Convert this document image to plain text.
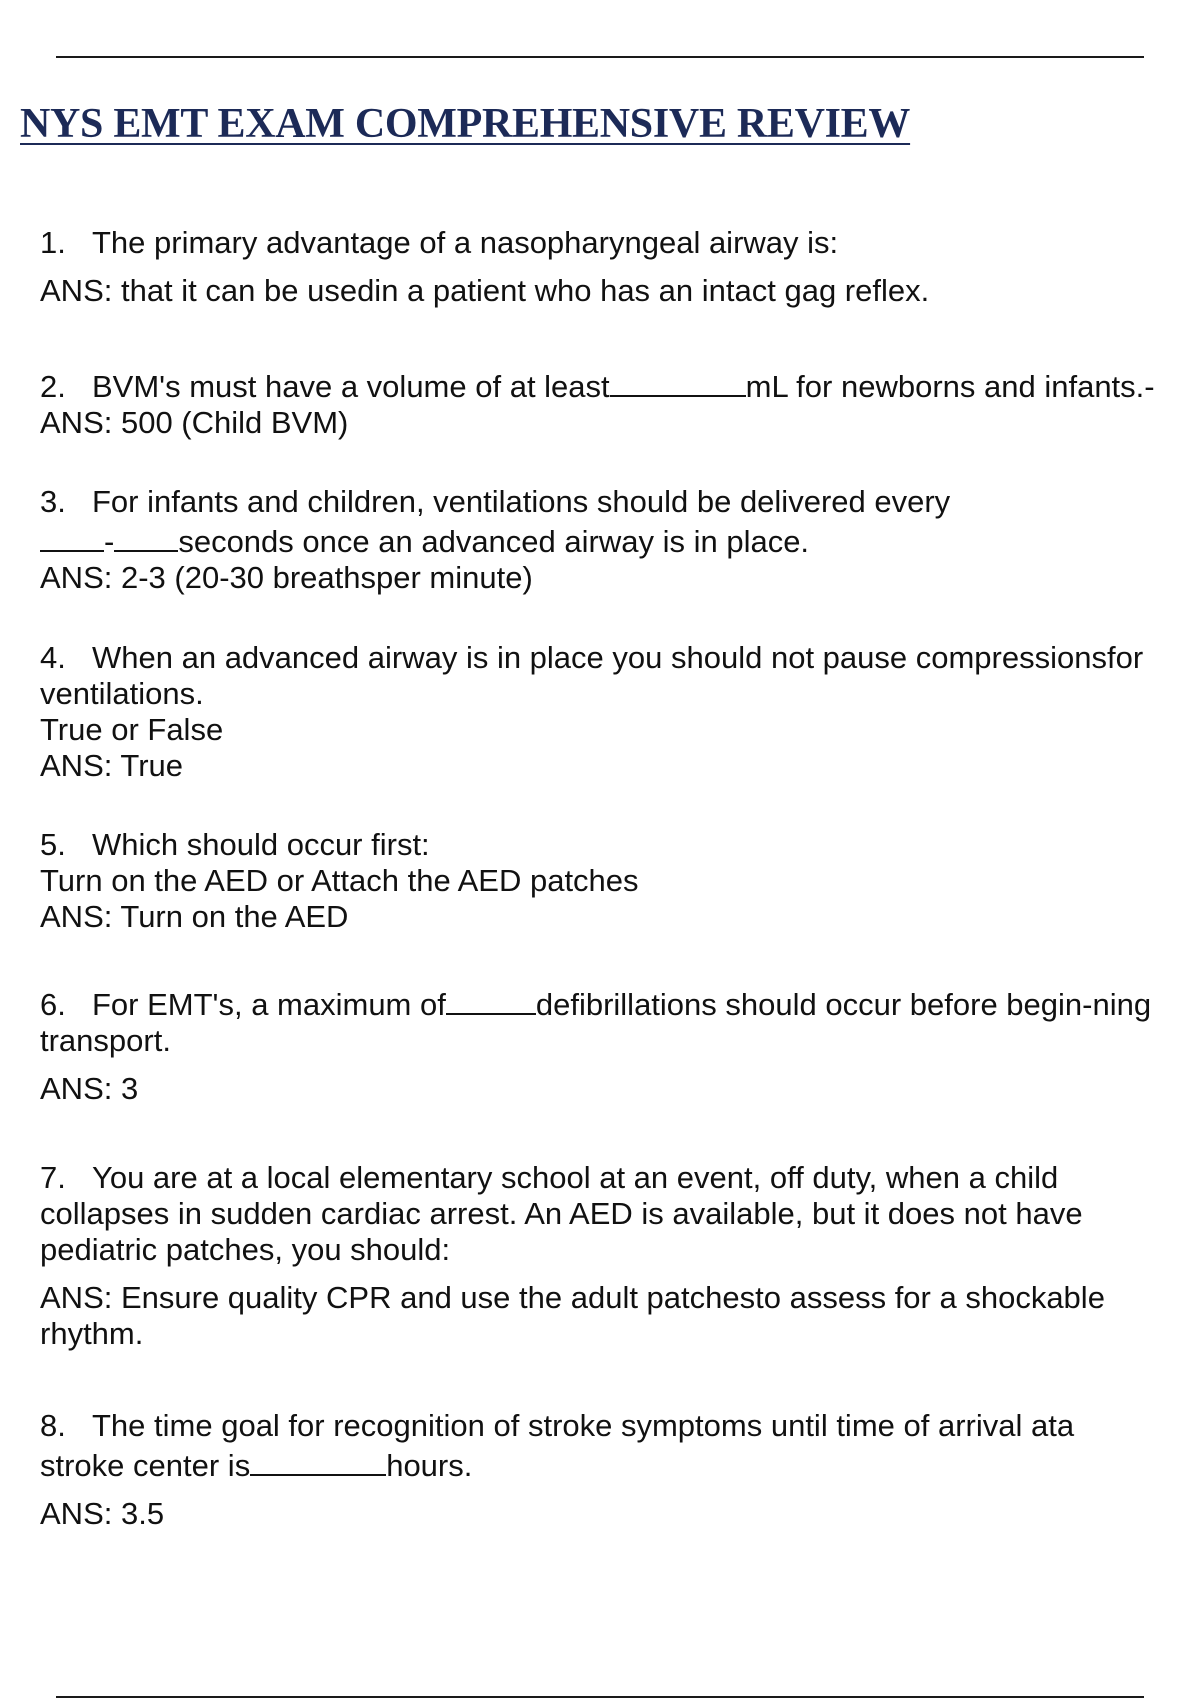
NYS EMT EXAM COMPREHENSIVE REVIEW

1. The primary advantage of a nasopharyngeal airway is:

ANS: that it can be usedin a patient who has an intact gag reflex.

2. BVM's must have a volume of at least	mL for newborns and infants.-

ANS: 500 (Child BVM)

3. For infants and children, ventilations should be delivered every

- seconds once an advanced airway is in place.

ANS: 2-3 (20-30 breathsper minute)

4. When an advanced airway is in place you should not pause compressionsfor ventilations.

True or False

ANS: True

5. Which should occur first:

Turn on the AED or Attach the AED patches

ANS: Turn on the AED

6. For EMT's, a maximum of	defibrillations should occur before begin-ning transport.

ANS: 3

7. You are at a local elementary school at an event, off duty, when a child collapses in sudden cardiac arrest. An AED is available, but it does not have pediatric patches, you should:

ANS: Ensure quality CPR and use the adult patchesto assess for a shockable rhythm.

8. The time goal for recognition of stroke symptoms until time of arrival ata stroke center is	hours.

ANS: 3.5
